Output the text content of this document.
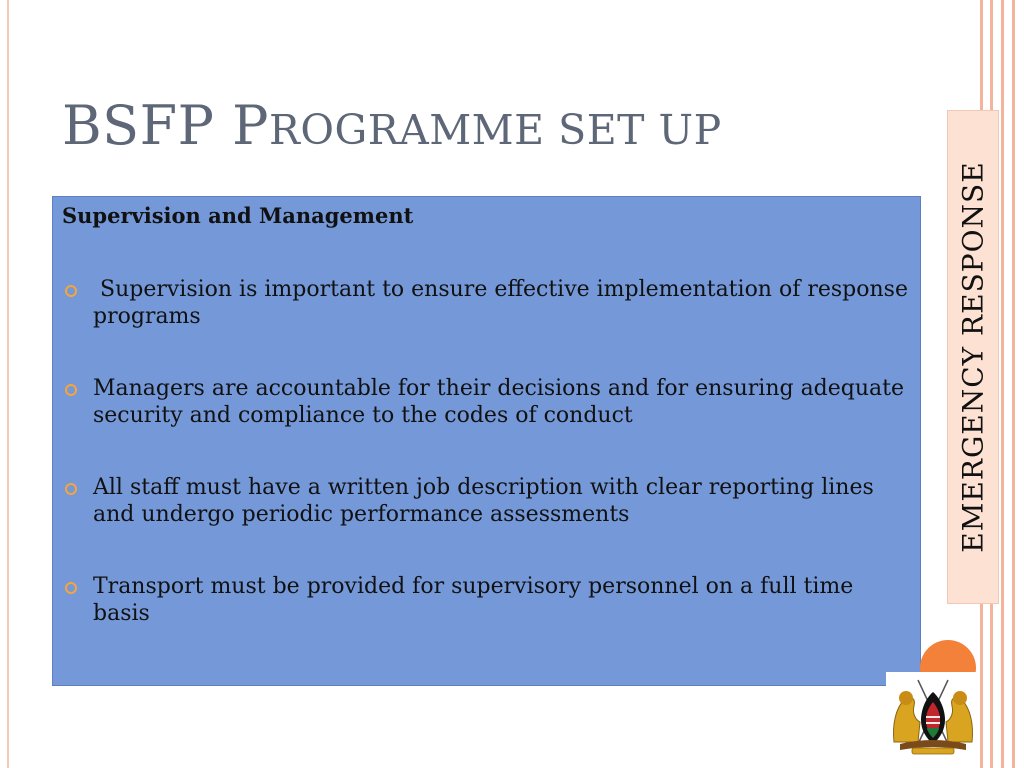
BSFP PROGRAMME SET UP
EMERGENCY RESPONSE
Supervision and Management
Supervision is important to ensure effective implementation of response programs
Managers are accountable for their decisions and for ensuring adequate security and compliance to the codes of conduct
All staff must have a written job description with clear reporting lines and undergo periodic performance assessments
Transport must be provided for supervisory personnel on a full time basis
